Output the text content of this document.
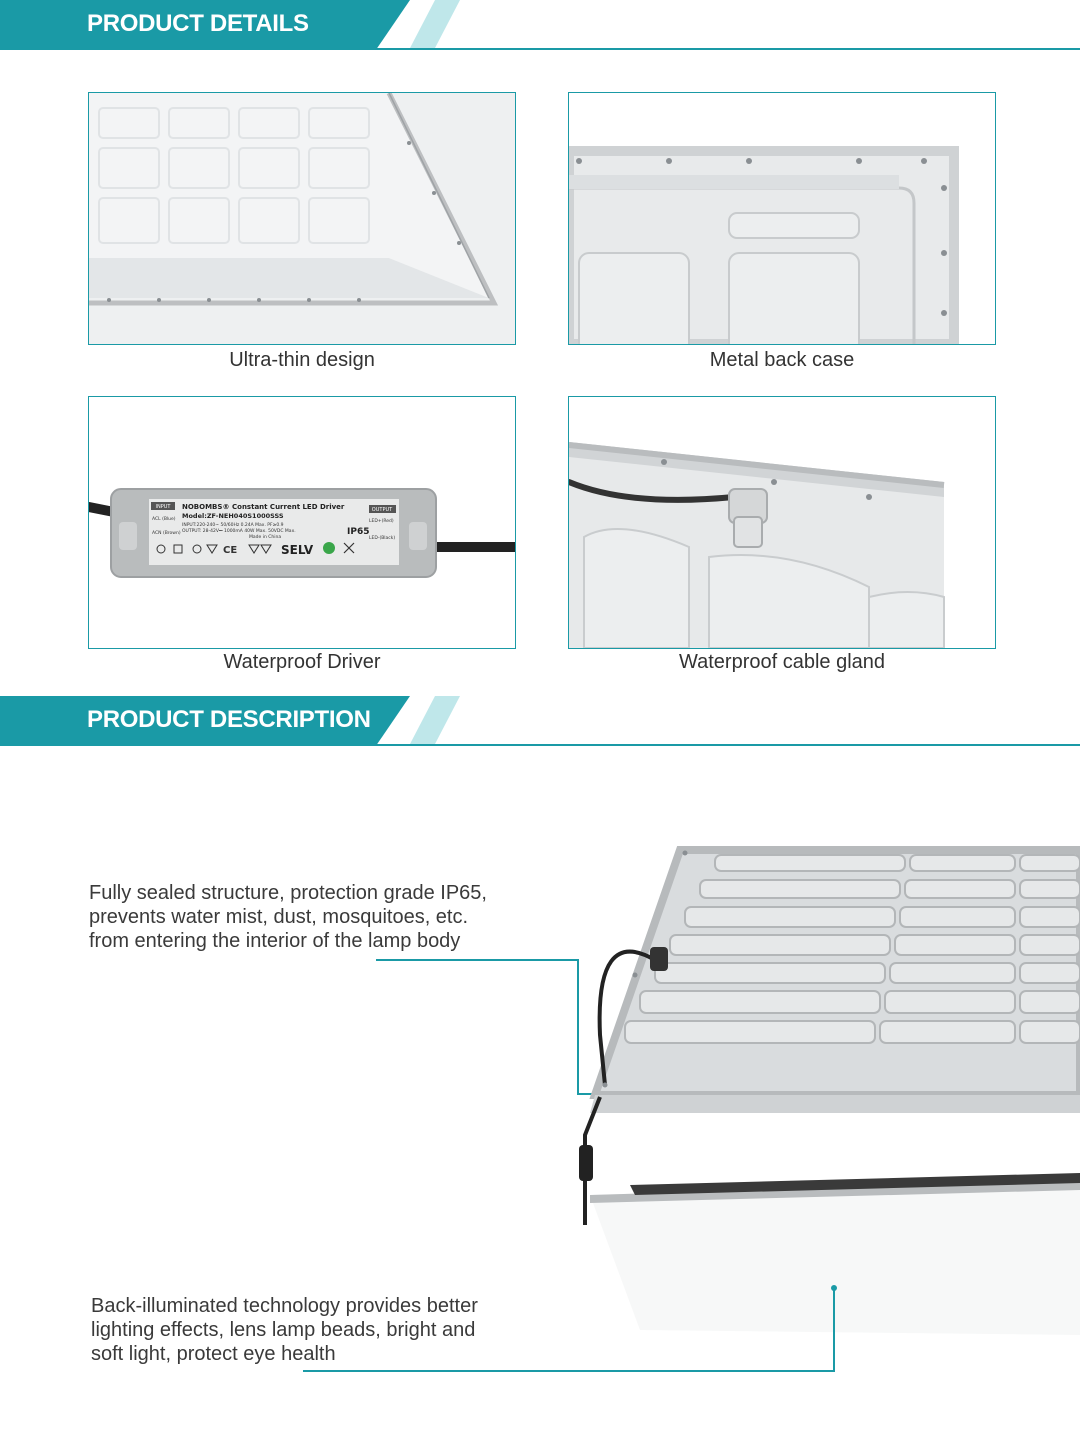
PRODUCT DETAILS
Ultra-thin design	Metal back case
INPUT NOBOMBS® Constant Current LED Driver
Model:ZF-NEH040S1000SSS
INPUT:220-240~ 50/60Hz 0.24A Max. PF≥0.9
OUTPUT: 28-42V⎓ 1000mA 40W Max. 50VDC Max.
Made in China
ACL (Blue)
ACN (Brown)
OUTPUT
LED+(Red)
LED-(Black)
IP65
SELV
CE
Waterproof Driver	Waterproof cable gland
PRODUCT DESCRIPTION
Fully sealed structure, protection grade IP65,
prevents water mist, dust, mosquitoes, etc.
from entering the interior of the lamp body
Back-illuminated technology provides better
lighting effects, lens lamp beads, bright and
soft light, protect eye health
